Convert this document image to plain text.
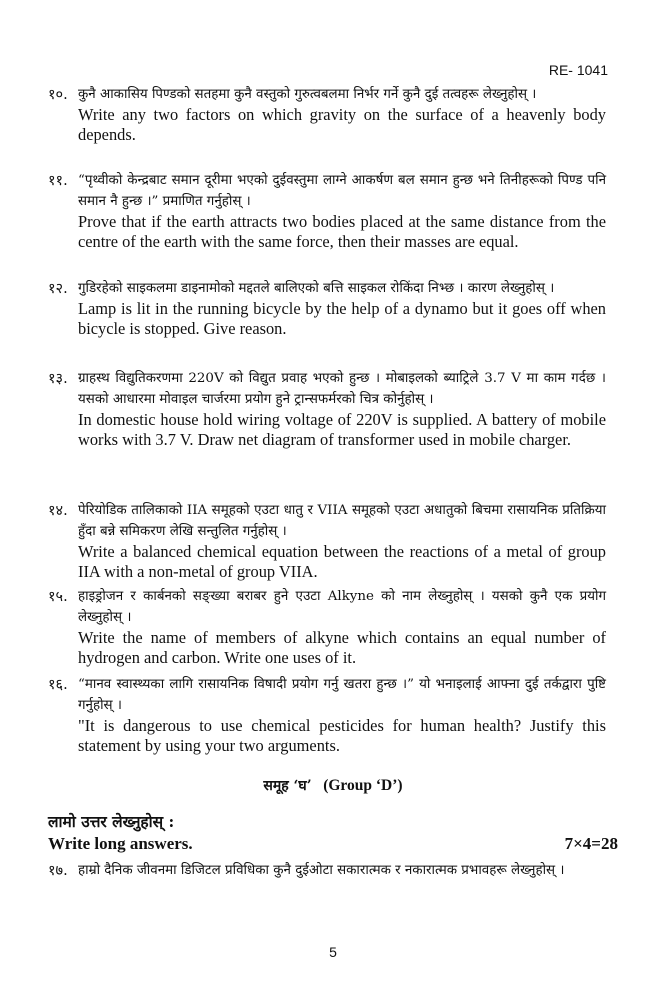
RE- 1041
१०. कुनै आकासिय पिण्डको सतहमा कुनै वस्तुको गुरुत्वबलमा निर्भर गर्ने कुनै दुई तत्वहरू लेख्नुहोस् ।
Write any two factors on which gravity on the surface of a heavenly body depends.
११. “पृथ्वीको केन्द्रबाट समान दूरीमा भएको दुईवस्तुमा लाग्ने आकर्षण बल समान हुन्छ भने तिनीहरूको पिण्ड पनि समान नै हुन्छ ।” प्रमाणित गर्नुहोस् ।
Prove that if the earth attracts two bodies placed at the same distance from the centre of the earth with the same force, then their masses are equal.
१२. गुडिरहेको साइकलमा डाइनामोको मद्दतले बालिएको बत्ति साइकल रोकिंदा निभ्छ । कारण लेख्नुहोस् ।
Lamp is lit in the running bicycle by the help of a dynamo but it goes off when bicycle is stopped. Give reason.
१३. ग्राहस्थ विद्युतिकरणमा 220V को विद्युत प्रवाह भएको हुन्छ । मोबाइलको ब्याट्रिले 3.7 V मा काम गर्दछ । यसको आधारमा मोवाइल चार्जरमा प्रयोग हुने ट्रान्सफर्मरको चित्र कोर्नुहोस् ।
In domestic house hold wiring voltage of 220V is supplied. A battery of mobile works with 3.7 V. Draw net diagram of transformer used in mobile charger.
१४. पेरियोडिक तालिकाको IIA समूहको एउटा धातु र VIIA समूहको एउटा अधातुको बिचमा रासायनिक प्रतिक्रिया हुँदा बन्ने समिकरण लेखि सन्तुलित गर्नुहोस् ।
Write a balanced chemical equation between the reactions of a metal of group IIA with a non-metal of group VIIA.
१५. हाइड्रोजन र कार्बनको सङ्ख्या बराबर हुने एउटा Alkyne को नाम लेख्नुहोस् । यसको कुनै एक प्रयोग लेख्नुहोस् ।
Write the name of members of alkyne which contains an equal number of hydrogen and carbon. Write one uses of it.
१६. “मानव स्वास्थ्यका लागि रासायनिक विषादी प्रयोग गर्नु खतरा हुन्छ ।” यो भनाइलाई आफ्ना दुई तर्कद्वारा पुष्टि गर्नुहोस् ।
"It is dangerous to use chemical pesticides for human health? Justify this statement by using your two arguments.
समूह ‘घ’ (Group ‘D’)
लामो उत्तर लेख्नुहोस् :
Write long answers.	7×4=28
१७. हाम्रो दैनिक जीवनमा डिजिटल प्रविधिका कुनै दुईओटा सकारात्मक र नकारात्मक प्रभावहरू लेख्नुहोस् ।
5
